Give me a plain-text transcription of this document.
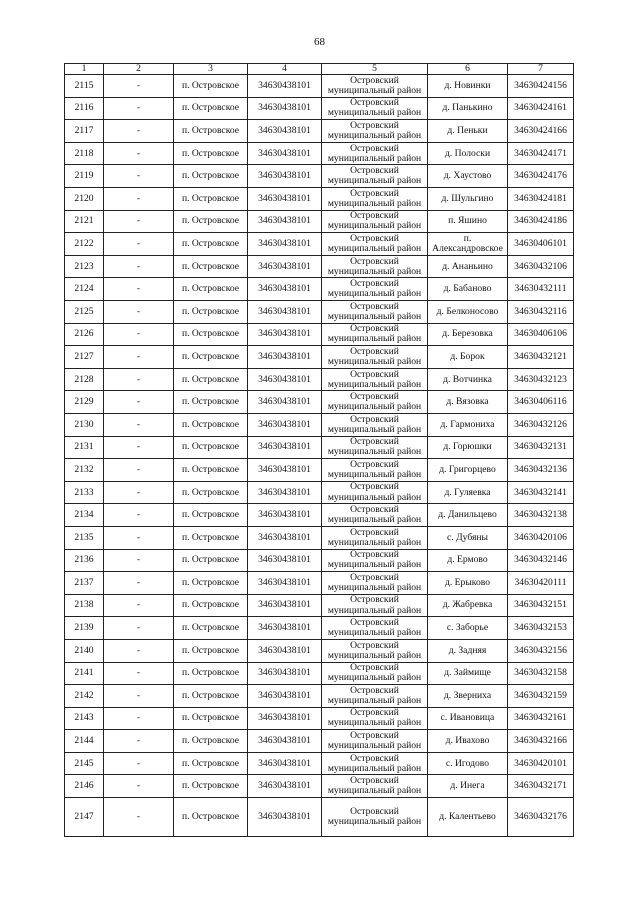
68
1	2	3	4	5	6	7
2115	-	п. Островское	34630438101	Островский муниципальный район	д. Новинки	34630424156
2116	-	п. Островское	34630438101	Островский муниципальный район	д. Панькино	34630424161
2117	-	п. Островское	34630438101	Островский муниципальный район	д. Пеньки	34630424166
2118	-	п. Островское	34630438101	Островский муниципальный район	д. Полоски	34630424171
2119	-	п. Островское	34630438101	Островский муниципальный район	д. Хаустово	34630424176
2120	-	п. Островское	34630438101	Островский муниципальный район	д. Шульгино	34630424181
2121	-	п. Островское	34630438101	Островский муниципальный район	п. Яшино	34630424186
2122	-	п. Островское	34630438101	Островский муниципальный район	п. Александровское	34630406101
2123	-	п. Островское	34630438101	Островский муниципальный район	д. Ананьино	34630432106
2124	-	п. Островское	34630438101	Островский муниципальный район	д. Бабаново	34630432111
2125	-	п. Островское	34630438101	Островский муниципальный район	д. Белконосово	34630432116
2126	-	п. Островское	34630438101	Островский муниципальный район	д. Березовка	34630406106
2127	-	п. Островское	34630438101	Островский муниципальный район	д. Борок	34630432121
2128	-	п. Островское	34630438101	Островский муниципальный район	д. Вотчинка	34630432123
2129	-	п. Островское	34630438101	Островский муниципальный район	д. Вязовка	34630406116
2130	-	п. Островское	34630438101	Островский муниципальный район	д. Гармониха	34630432126
2131	-	п. Островское	34630438101	Островский муниципальный район	д. Горюшки	34630432131
2132	-	п. Островское	34630438101	Островский муниципальный район	д. Григорцево	34630432136
2133	-	п. Островское	34630438101	Островский муниципальный район	д. Гуляевка	34630432141
2134	-	п. Островское	34630438101	Островский муниципальный район	д. Данильцево	34630432138
2135	-	п. Островское	34630438101	Островский муниципальный район	с. Дубяны	34630420106
2136	-	п. Островское	34630438101	Островский муниципальный район	д. Ермово	34630432146
2137	-	п. Островское	34630438101	Островский муниципальный район	д. Ерыково	34630420111
2138	-	п. Островское	34630438101	Островский муниципальный район	д. Жабревка	34630432151
2139	-	п. Островское	34630438101	Островский муниципальный район	с. Заборье	34630432153
2140	-	п. Островское	34630438101	Островский муниципальный район	д. Задняя	34630432156
2141	-	п. Островское	34630438101	Островский муниципальный район	д. Займище	34630432158
2142	-	п. Островское	34630438101	Островский муниципальный район	д. Зверниха	34630432159
2143	-	п. Островское	34630438101	Островский муниципальный район	с. Ивановица	34630432161
2144	-	п. Островское	34630438101	Островский муниципальный район	д. Ивахово	34630432166
2145	-	п. Островское	34630438101	Островский муниципальный район	с. Игодово	34630420101
2146	-	п. Островское	34630438101	Островский муниципальный район	д. Инега	34630432171
2147	-	п. Островское	34630438101	Островский муниципальный район	д. Калентьево	34630432176
